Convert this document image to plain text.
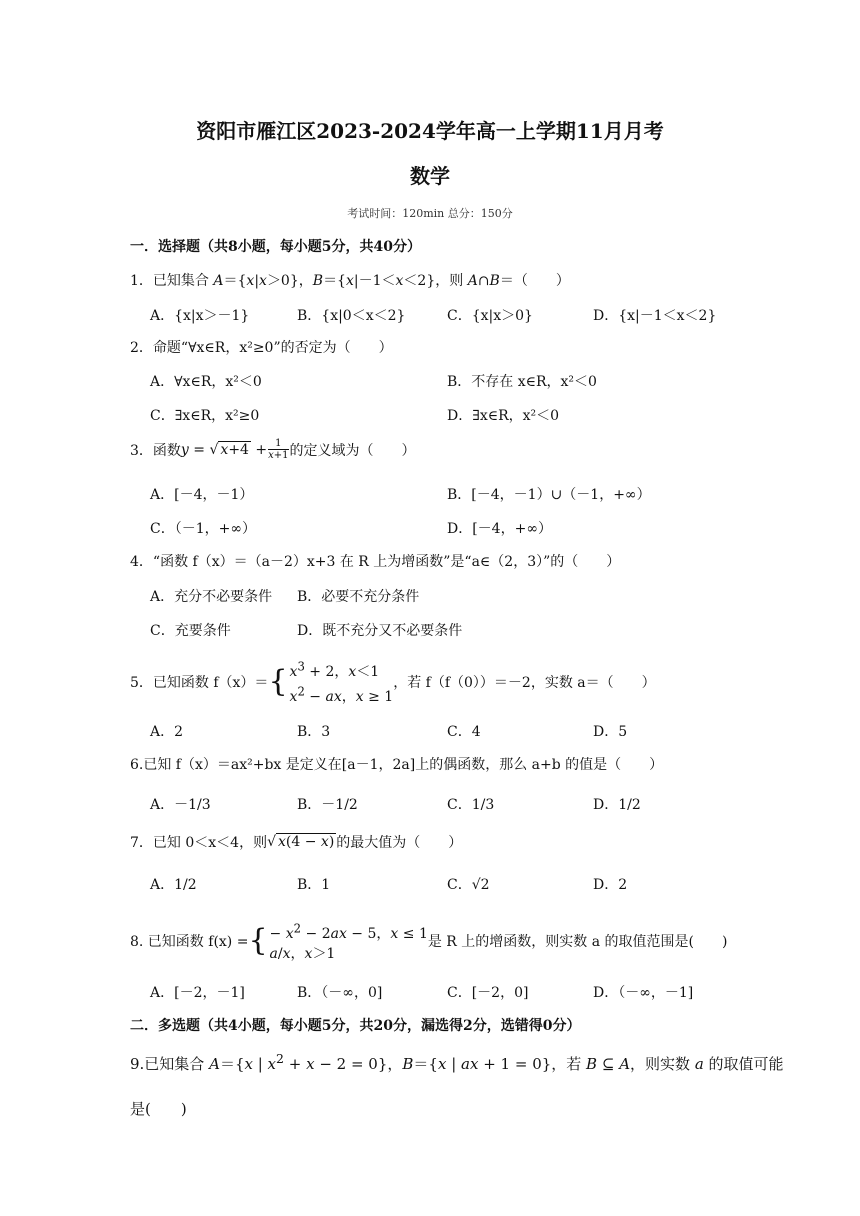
资阳市雁江区2023-2024学年高一上学期11月月考
数学
考试时间：120min 总分：150分
一．选择题（共8小题，每小题5分，共40分）
1．已知集合 A＝{x|x＞0}，B＝{x|－1＜x＜2}，则 A∩B＝（　　）
A．{x|x＞－1}	B．{x|0＜x＜2}	C．{x|x＞0}	D．{x|－1＜x＜2}
2．命题“∀x∈R，x²≥0”的否定为（　　）
A．∀x∈R，x²＜0	B．不存在 x∈R，x²＜0
C．∃x∈R，x²≥0	D．∃x∈R，x²＜0
3．函数 y = √ $x+4 + \frac{1}{x+1}$ 的定义域为（　　）
A．[－4，－1）	B．[－4，－1）∪（－1，+∞）
C．（－1，+∞）	D．[－4，+∞）
4．“函数 f（x）＝（a－2）x+3 在 R 上为增函数”是“a∈（2，3）”的（　　）
A．充分不必要条件 B．必要不充分条件
C．充要条件	D．既不充分又不必要条件
5．已知函数 f（x）＝ { $x^3 + 2$，x＜1
$x^2$ − ax，x ≥ 1
，若 f（f（0））＝－2，实数 a＝（　　）
A．2	B．3	C．4	D．5
6.已知 f（x）＝ax²+bx 是定义在[a－1，2a]上的偶函数，那么 a+b 的值是（　　）
A．－1/3	B．－1/2	C．1/3	D．1/2
7．已知 0＜x＜4，则 √ x(4 − x) 的最大值为（　　）
A．1/2	B．1	C．√2	D．2
8. 已知函数 f(x) = { − $x^2 - 2ax - 5$，x ≤ 1
a/x，x＞1
是 R 上的增函数，则实数 a 的取值范围是(　　)
A．[－2，－1]	B．（－∞，0]	C．[－2，0]	D．（－∞，－1]
二．多选题（共4小题，每小题5分，共20分，漏选得2分，选错得0分）
9.已知集合 A＝{x | $x^2 + x - 2 = 0$}，B＝{x | ax + 1 = 0}，若 B ⊆ A，则实数 a 的取值可能
是(　　)
